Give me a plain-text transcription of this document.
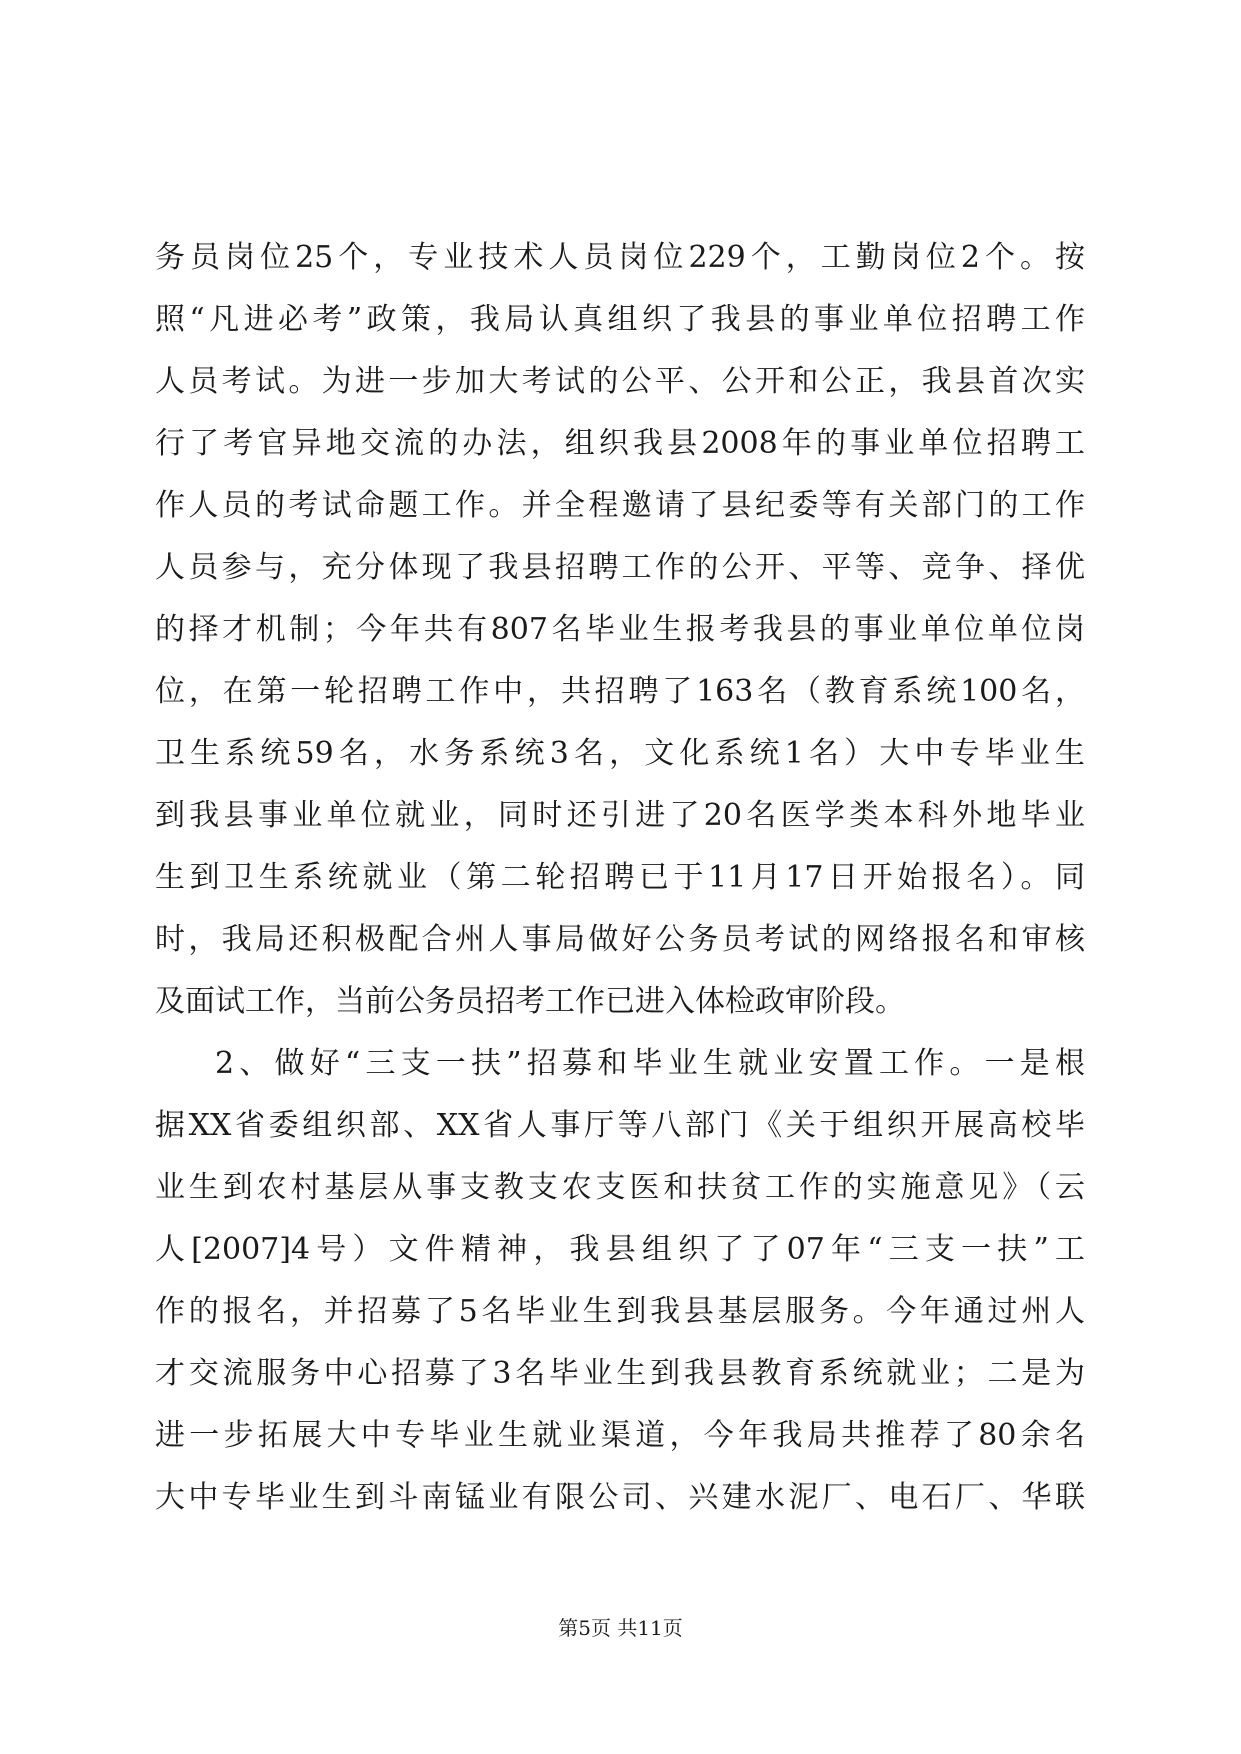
务员岗位25个，专业技术人员岗位229个，工勤岗位2个。按
照“凡进必考”政策，我局认真组织了我县的事业单位招聘工作
人员考试。为进一步加大考试的公平、公开和公正，我县首次实
行了考官异地交流的办法，组织我县2008年的事业单位招聘工
作人员的考试命题工作。并全程邀请了县纪委等有关部门的工作
人员参与，充分体现了我县招聘工作的公开、平等、竞争、择优
的择才机制；今年共有807名毕业生报考我县的事业单位单位岗
位，在第一轮招聘工作中，共招聘了163名（教育系统100名，
卫生系统59名，水务系统3名，文化系统1名）大中专毕业生
到我县事业单位就业，同时还引进了20名医学类本科外地毕业
生到卫生系统就业（第二轮招聘已于11月17日开始报名）。同
时，我局还积极配合州人事局做好公务员考试的网络报名和审核
及面试工作，当前公务员招考工作已进入体检政审阶段。
2、做好“三支一扶”招募和毕业生就业安置工作。一是根
据XX省委组织部、XX省人事厅等八部门《关于组织开展高校毕
业生到农村基层从事支教支农支医和扶贫工作的实施意见》（云
人[2007]4号）文件精神，我县组织了了07年“三支一扶”工
作的报名，并招募了5名毕业生到我县基层服务。今年通过州人
才交流服务中心招募了3名毕业生到我县教育系统就业；二是为
进一步拓展大中专毕业生就业渠道，今年我局共推荐了80余名
大中专毕业生到斗南锰业有限公司、兴建水泥厂、电石厂、华联
第5页 共11页
